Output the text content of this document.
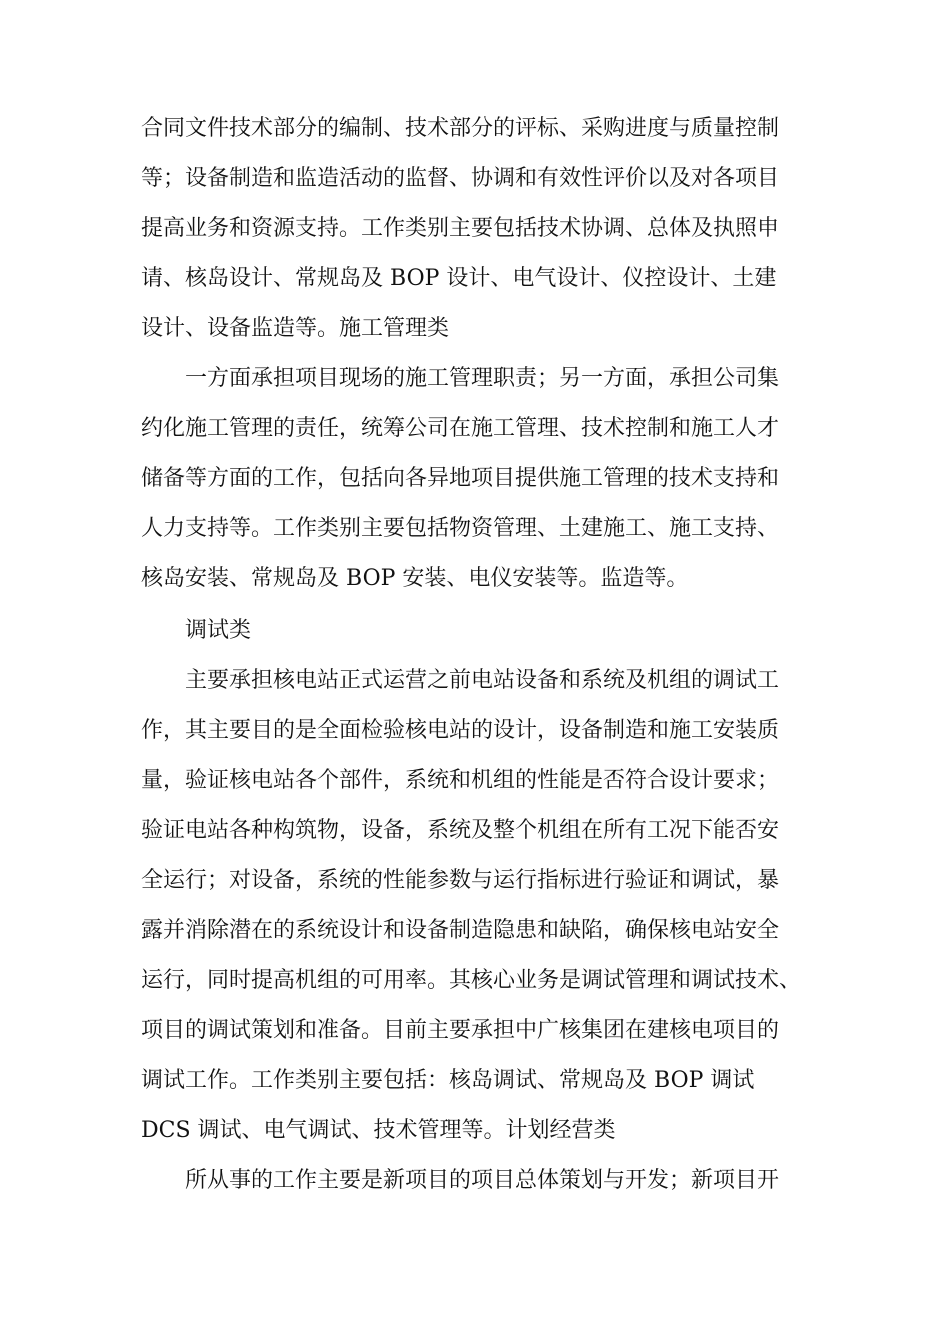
合同文件技术部分的编制、技术部分的评标、采购进度与质量控制
等；设备制造和监造活动的监督、协调和有效性评价以及对各项目
提高业务和资源支持。工作类别主要包括技术协调、总体及执照申
请、核岛设计、常规岛及 BOP 设计、电气设计、仪控设计、土建
设计、设备监造等。施工管理类
一方面承担项目现场的施工管理职责；另一方面，承担公司集
约化施工管理的责任，统筹公司在施工管理、技术控制和施工人才
储备等方面的工作，包括向各异地项目提供施工管理的技术支持和
人力支持等。工作类别主要包括物资管理、土建施工、施工支持、
核岛安装、常规岛及 BOP 安装、电仪安装等。监造等。
调试类
主要承担核电站正式运营之前电站设备和系统及机组的调试工
作，其主要目的是全面检验核电站的设计，设备制造和施工安装质
量，验证核电站各个部件，系统和机组的性能是否符合设计要求；
验证电站各种构筑物，设备，系统及整个机组在所有工况下能否安
全运行；对设备，系统的性能参数与运行指标进行验证和调试，暴
露并消除潜在的系统设计和设备制造隐患和缺陷，确保核电站安全
运行，同时提高机组的可用率。其核心业务是调试管理和调试技术、
项目的调试策划和准备。目前主要承担中广核集团在建核电项目的
调试工作。工作类别主要包括：核岛调试、常规岛及 BOP 调试
DCS 调试、电气调试、技术管理等。计划经营类
所从事的工作主要是新项目的项目总体策划与开发；新项目开
